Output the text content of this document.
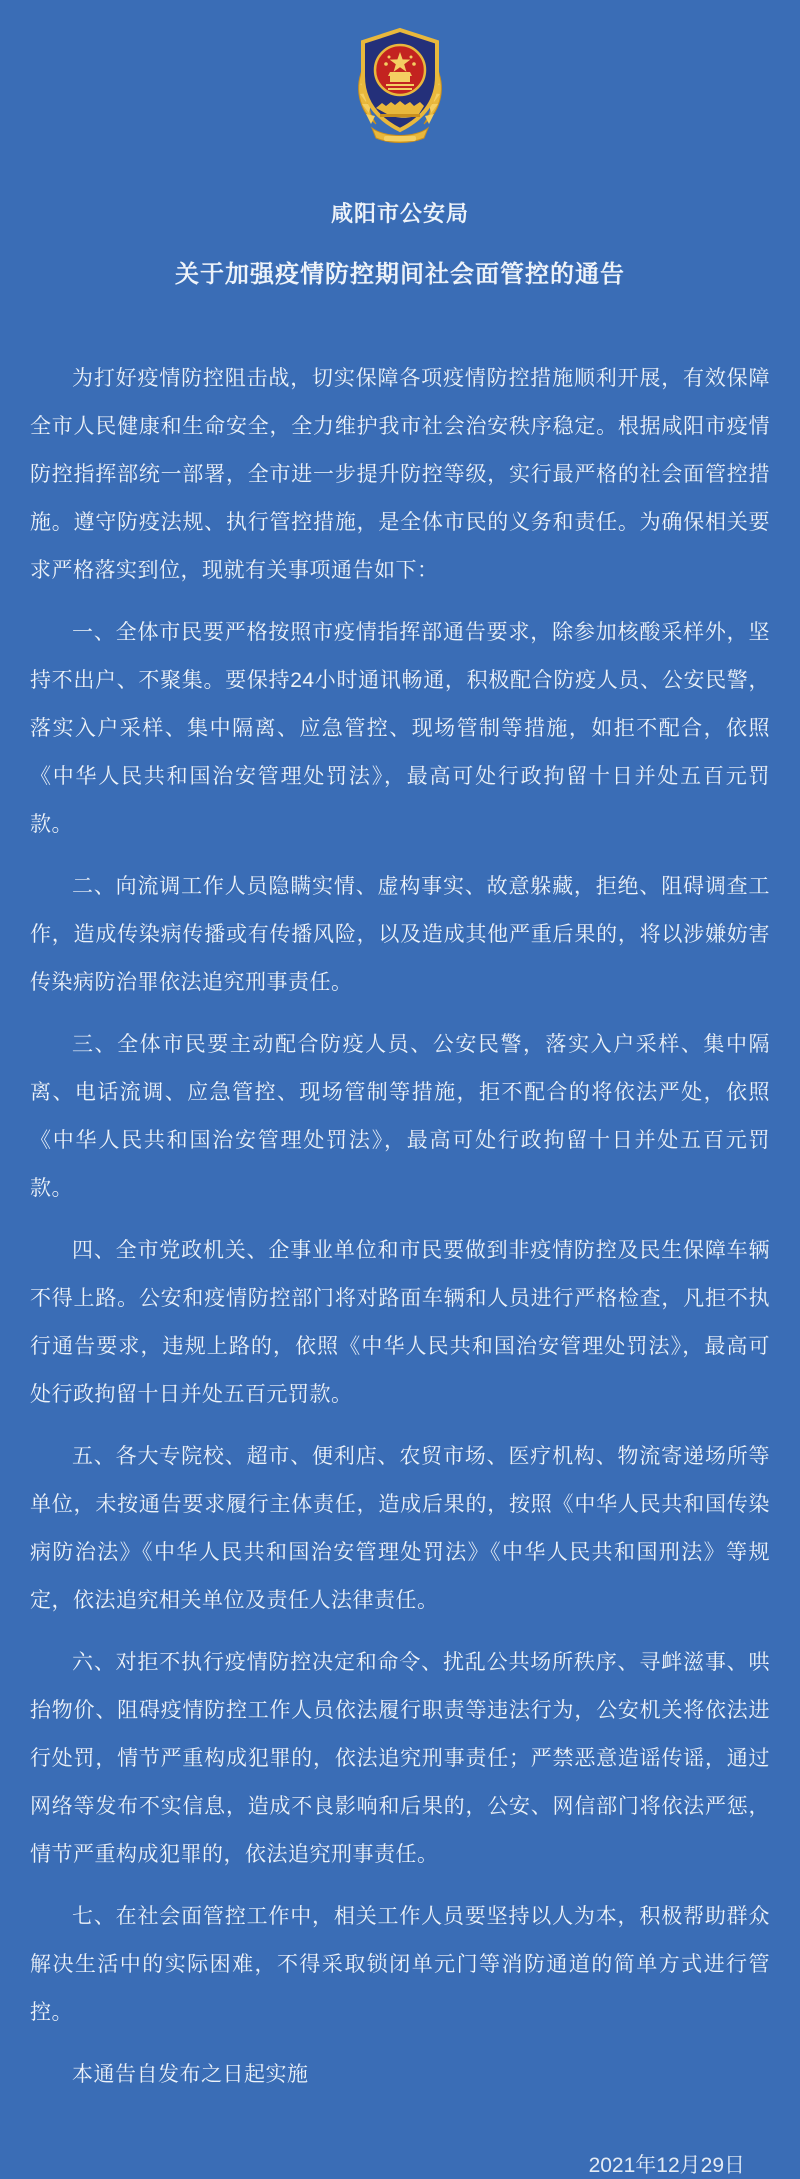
咸阳市公安局
关于加强疫情防控期间社会面管控的通告

为打好疫情防控阻击战，切实保障各项疫情防控措施顺利开展，有效保障全市人民健康和生命安全，全力维护我市社会治安秩序稳定。根据咸阳市疫情防控指挥部统一部署，全市进一步提升防控等级，实行最严格的社会面管控措施。遵守防疫法规、执行管控措施，是全体市民的义务和责任。为确保相关要求严格落实到位，现就有关事项通告如下：

一、全体市民要严格按照市疫情指挥部通告要求，除参加核酸采样外，坚持不出户、不聚集。要保持24小时通讯畅通，积极配合防疫人员、公安民警，落实入户采样、集中隔离、应急管控、现场管制等措施，如拒不配合，依照《中华人民共和国治安管理处罚法》，最高可处行政拘留十日并处五百元罚款。

二、向流调工作人员隐瞒实情、虚构事实、故意躲藏，拒绝、阻碍调查工作，造成传染病传播或有传播风险，以及造成其他严重后果的，将以涉嫌妨害传染病防治罪依法追究刑事责任。

三、全体市民要主动配合防疫人员、公安民警，落实入户采样、集中隔离、电话流调、应急管控、现场管制等措施，拒不配合的将依法严处，依照《中华人民共和国治安管理处罚法》，最高可处行政拘留十日并处五百元罚款。

四、全市党政机关、企事业单位和市民要做到非疫情防控及民生保障车辆不得上路。公安和疫情防控部门将对路面车辆和人员进行严格检查，凡拒不执行通告要求，违规上路的，依照《中华人民共和国治安管理处罚法》，最高可处行政拘留十日并处五百元罚款。

五、各大专院校、超市、便利店、农贸市场、医疗机构、物流寄递场所等单位，未按通告要求履行主体责任，造成后果的，按照《中华人民共和国传染病防治法》《中华人民共和国治安管理处罚法》《中华人民共和国刑法》等规定，依法追究相关单位及责任人法律责任。

六、对拒不执行疫情防控决定和命令、扰乱公共场所秩序、寻衅滋事、哄抬物价、阻碍疫情防控工作人员依法履行职责等违法行为，公安机关将依法进行处罚，情节严重构成犯罪的，依法追究刑事责任；严禁恶意造谣传谣，通过网络等发布不实信息，造成不良影响和后果的，公安、网信部门将依法严惩，情节严重构成犯罪的，依法追究刑事责任。

七、在社会面管控工作中，相关工作人员要坚持以人为本，积极帮助群众解决生活中的实际困难，不得采取锁闭单元门等消防通道的简单方式进行管控。

本通告自发布之日起实施

2021年12月29日
